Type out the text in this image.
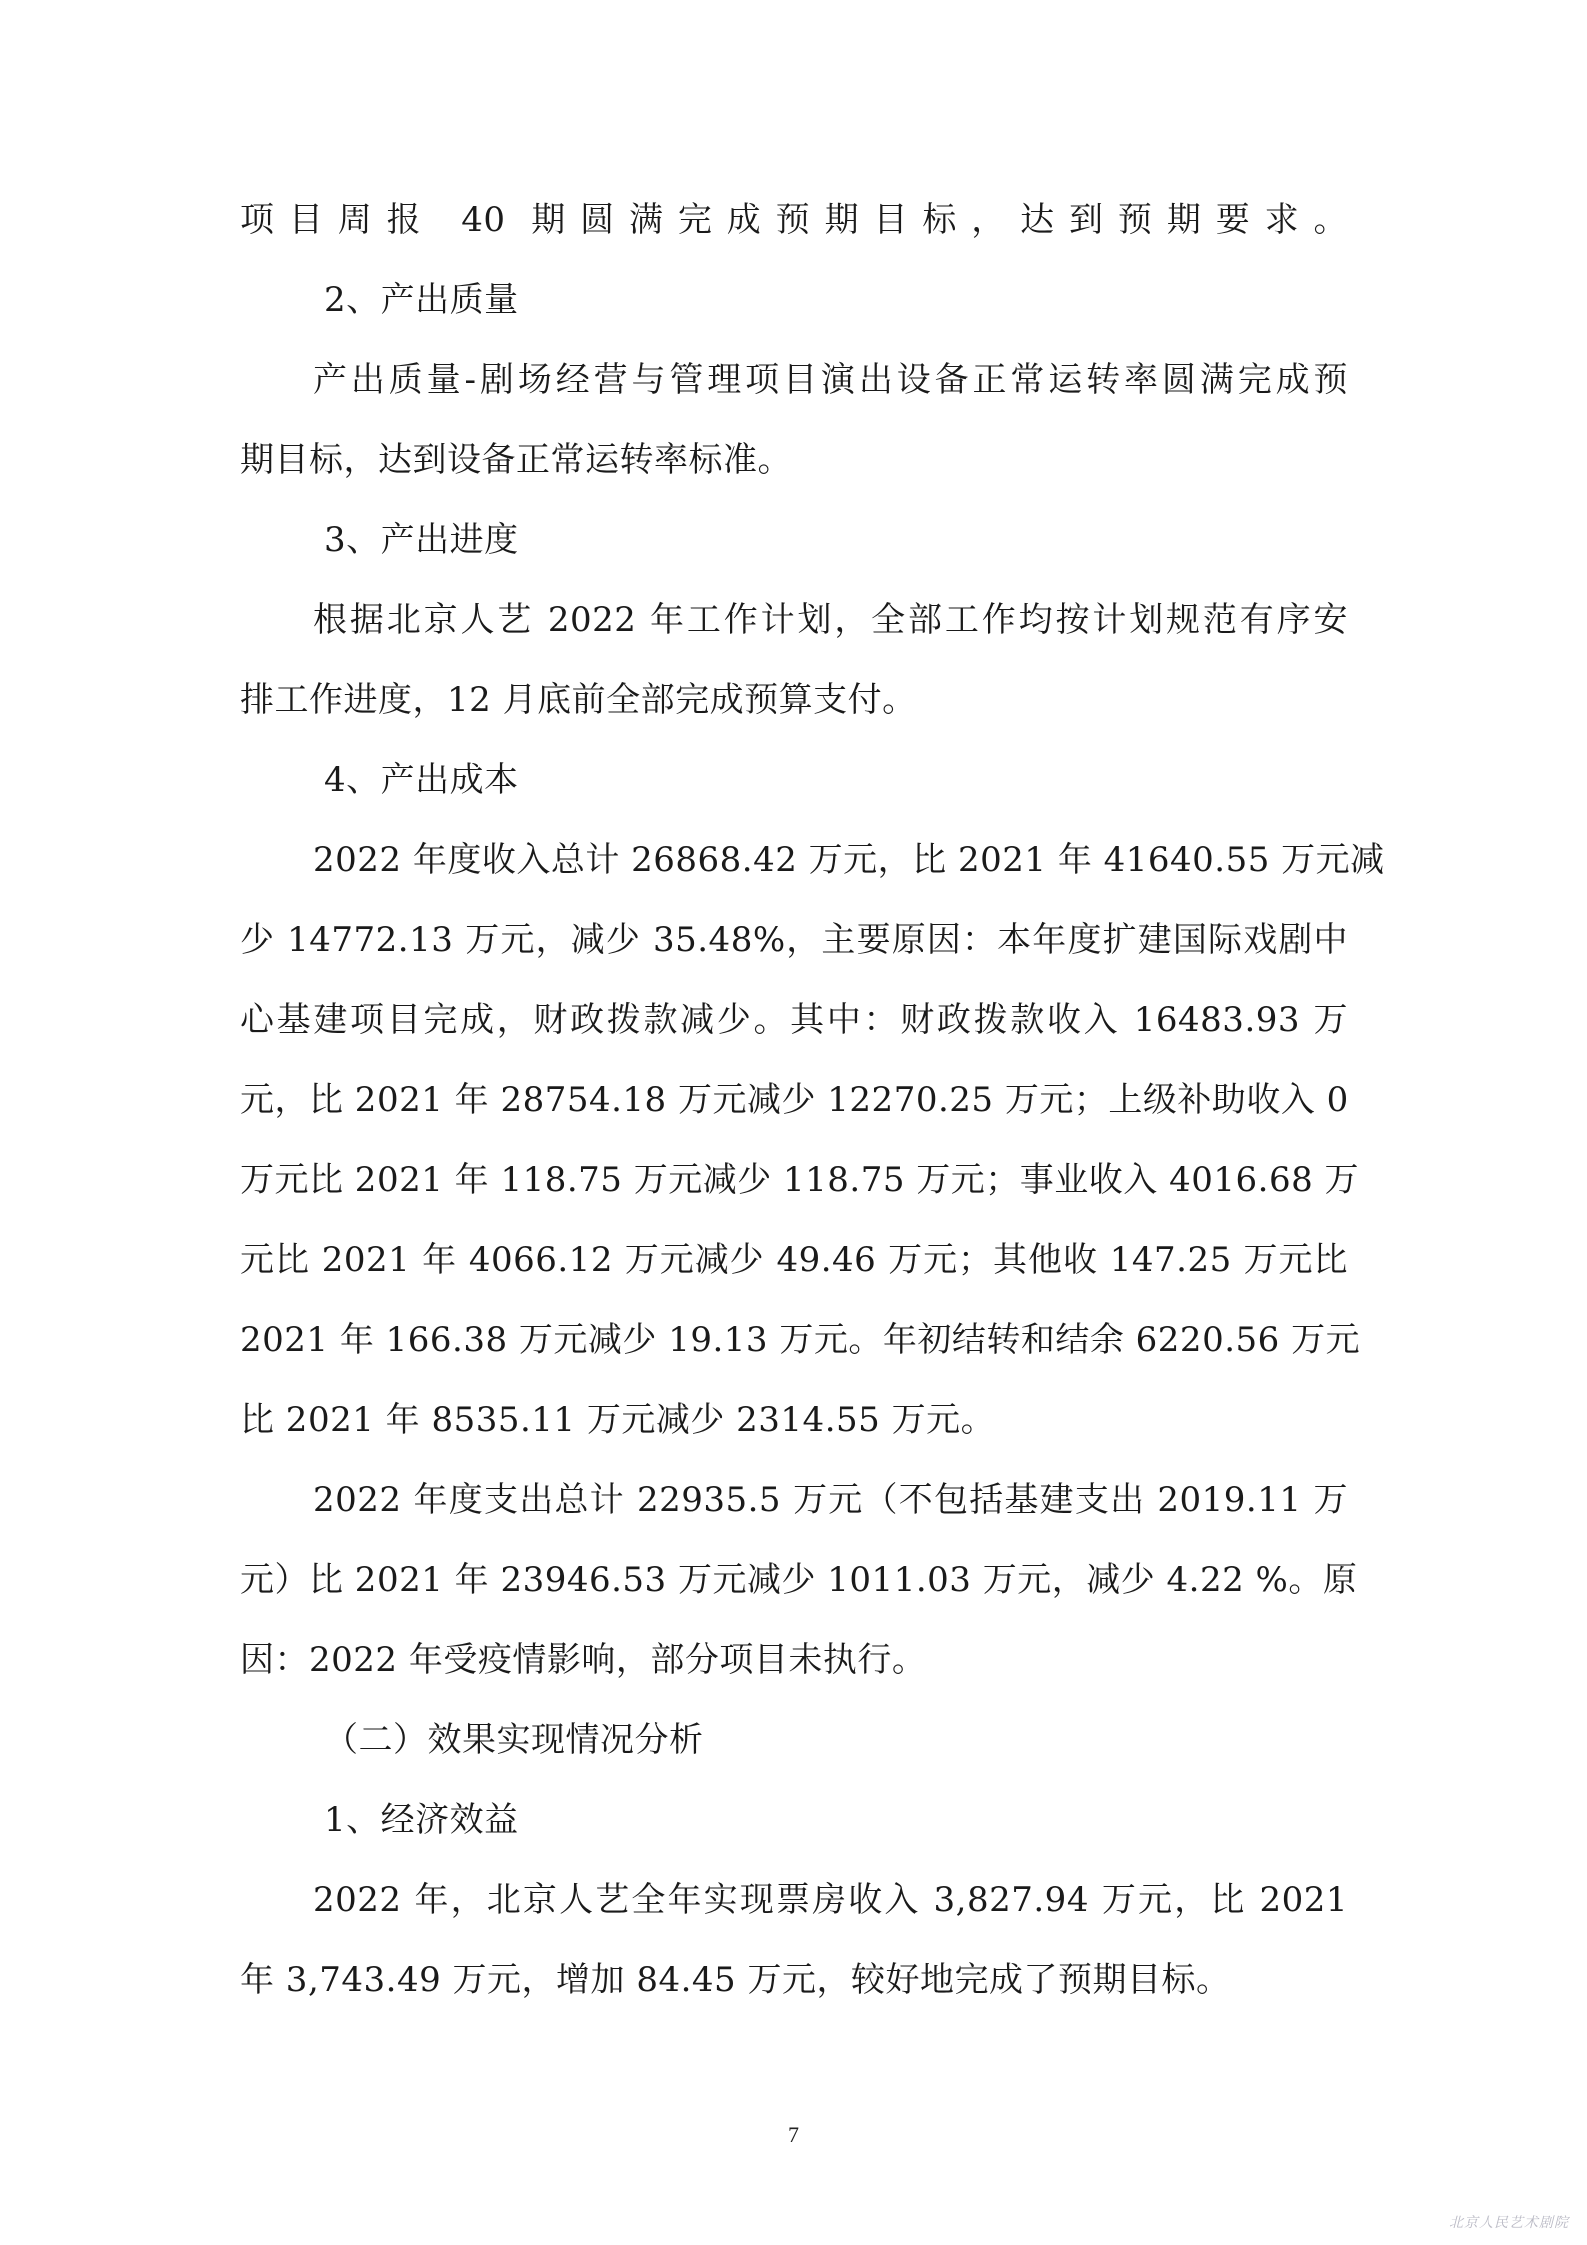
项目周报 40 期圆满完成预期目标，达到预期要求。
2、产出质量
产出质量-剧场经营与管理项目演出设备正常运转率圆满完成预
期目标，达到设备正常运转率标准。
3、产出进度
根据北京人艺 2022 年工作计划，全部工作均按计划规范有序安
排工作进度，12 月底前全部完成预算支付。
4、产出成本
2022 年度收入总计 26868.42 万元，比 2021 年 41640.55 万元减
少 14772.13 万元，减少 35.48%，主要原因：本年度扩建国际戏剧中
心基建项目完成，财政拨款减少。其中：财政拨款收入 16483.93 万
元，比 2021 年 28754.18 万元减少 12270.25 万元；上级补助收入 0
万元比 2021 年 118.75 万元减少 118.75 万元；事业收入 4016.68 万
元比 2021 年 4066.12 万元减少 49.46 万元；其他收 147.25 万元比
2021 年 166.38 万元减少 19.13 万元。年初结转和结余 6220.56 万元
比 2021 年 8535.11 万元减少 2314.55 万元。
2022 年度支出总计 22935.5 万元（不包括基建支出 2019.11 万
元）比 2021 年 23946.53 万元减少 1011.03 万元，减少 4.22 %。原
因：2022 年受疫情影响，部分项目未执行。
（二）效果实现情况分析
1、经济效益
2022 年，北京人艺全年实现票房收入 3,827.94 万元，比 2021
年 3,743.49 万元，增加 84.45 万元，较好地完成了预期目标。
7
北京人民艺术剧院
